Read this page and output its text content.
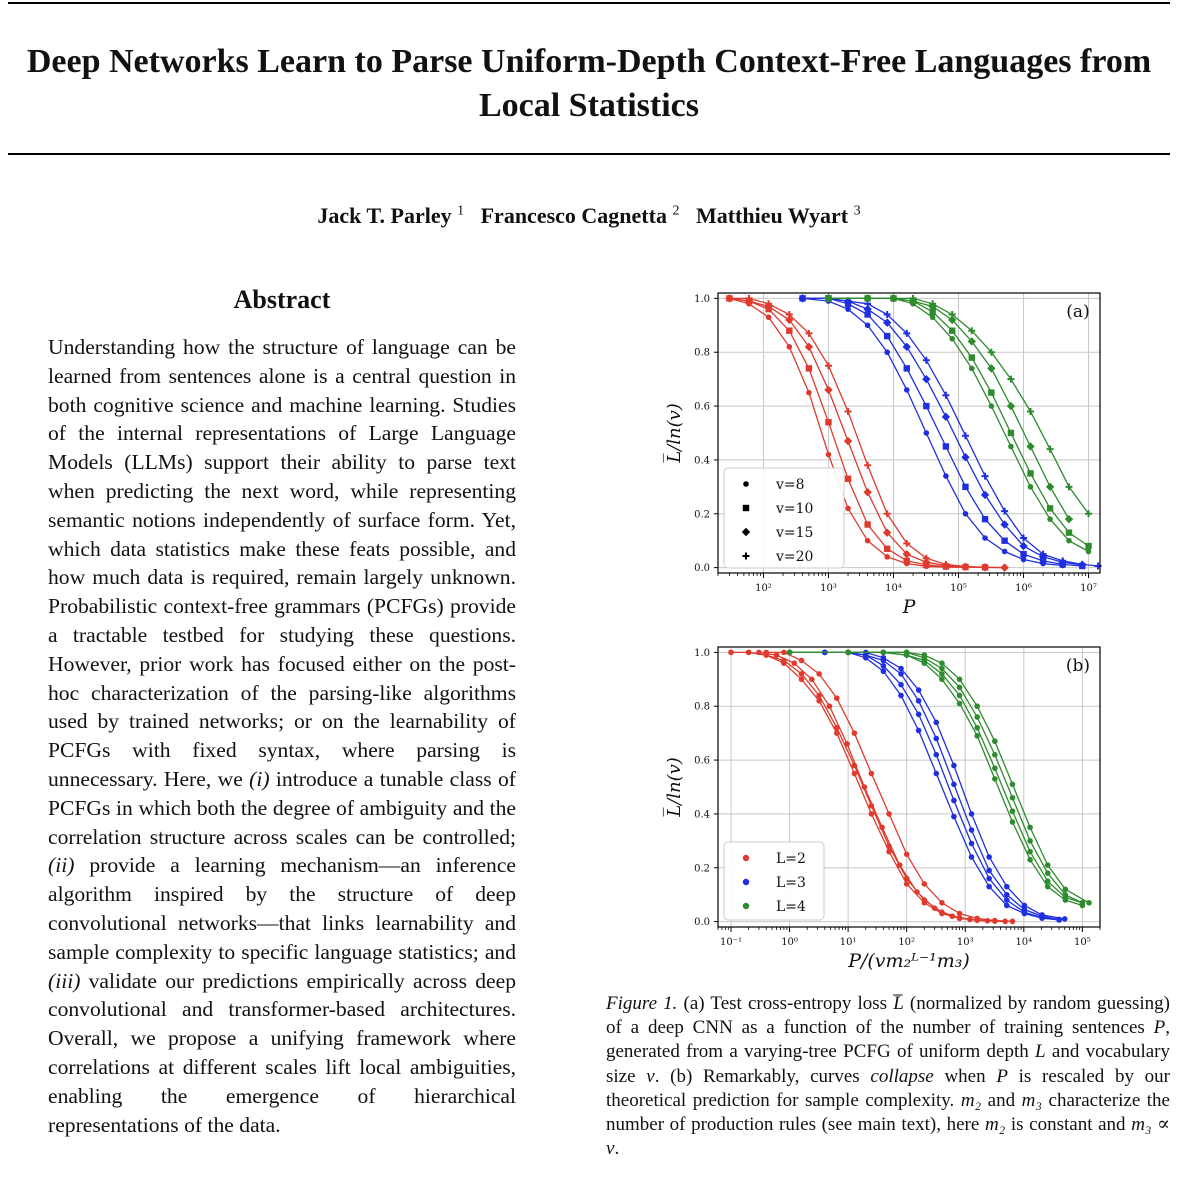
Deep Networks Learn to Parse Uniform-Depth Context-Free Languages from Local Statistics
Jack T. Parley $^1$ Francesco Cagnetta $^2$ Matthieu Wyart $^3$
Abstract
Understanding how the structure of language can be learned from sentences alone is a central question in both cognitive science and machine learning. Studies of the internal representations of Large Language Models (LLMs) support their ability to parse text when predicting the next word, while representing semantic notions independently of surface form. Yet, which data statistics make these feats possible, and how much data is required, remain largely unknown. Probabilistic context-free grammars (PCFGs) provide a tractable testbed for studying these questions. However, prior work has focused either on the post-hoc characterization of the parsing-like algorithms used by trained networks; or on the learnability of PCFGs with fixed syntax, where parsing is unnecessary. Here, we (i) introduce a tunable class of PCFGs in which both the degree of ambiguity and the correlation structure across scales can be controlled; (ii) provide a learning mechanism—an inference algorithm inspired by the structure of deep convolutional networks—that links learnability and sample complexity to specific language statistics; and (iii) validate our predictions empirically across deep convolutional and transformer-based architectures. Overall, we propose a unifying framework where correlations at different scales lift local ambiguities, enabling the emergence of hierarchical representations of the data.
10²	10³	10⁴	10⁵	10⁶	10⁷
0.0
0.2
0.4
0.6
0.8
1.0
P
L̅/ln(v)
(a)
v=8
v=10
v=15
v=20
10⁻¹	10⁰	10¹	10²	10³	10⁴	10⁵
0.0
0.2
0.4
0.6
0.8
1.0
P/(vm₂ᴸ⁻¹m₃)
L̅/ln(v)
(b)
L=2
L=3
L=4
Figure 1. (a) Test cross-entropy loss L̅ (normalized by random guessing) of a deep CNN as a function of the number of training sentences P, generated from a varying-tree PCFG of uniform depth L and vocabulary size v. (b) Remarkably, curves collapse when P is rescaled by our theoretical prediction for sample complexity. m₂ and m₃ characterize the number of production rules (see main text), here m₂ is constant and m₃ ∝ v.
